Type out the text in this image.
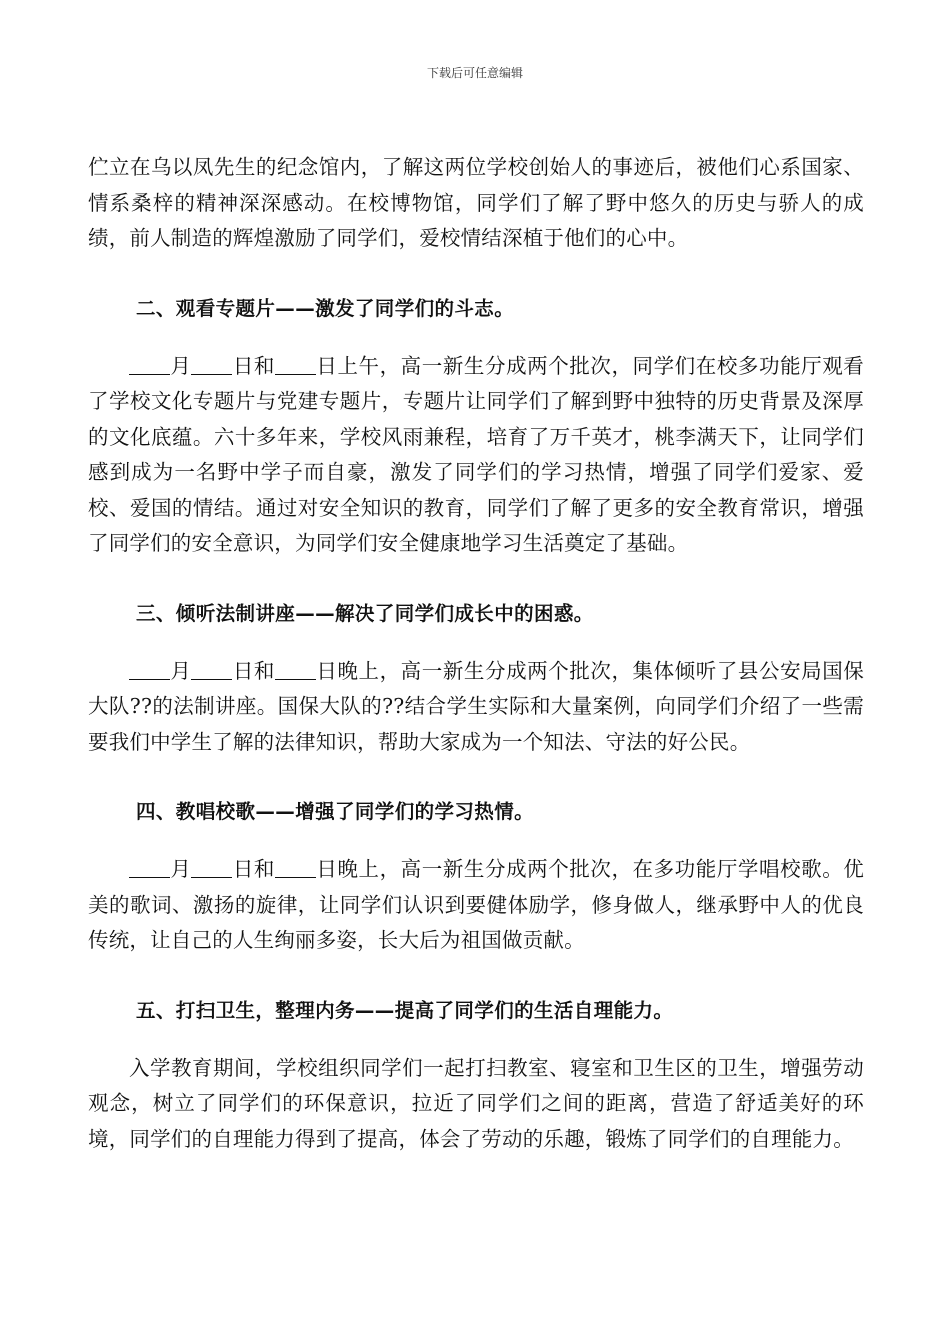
下载后可任意编辑

伫立在乌以凤先生的纪念馆内，了解这两位学校创始人的事迹后，被他们心系国家、情系桑梓的精神深深感动。在校博物馆，同学们了解了野中悠久的历史与骄人的成绩，前人制造的辉煌激励了同学们，爱校情结深植于他们的心中。

二、观看专题片——激发了同学们的斗志。

月 日和 日上午，高一新生分成两个批次，同学们在校多功能厅观看了学校文化专题片与党建专题片，专题片让同学们了解到野中独特的历史背景及深厚的文化底蕴。六十多年来，学校风雨兼程，培育了万千英才，桃李满天下，让同学们感到成为一名野中学子而自豪，激发了同学们的学习热情，增强了同学们爱家、爱校、爱国的情结。通过对安全知识的教育，同学们了解了更多的安全教育常识，增强了同学们的安全意识，为同学们安全健康地学习生活奠定了基础。

三、倾听法制讲座——解决了同学们成长中的困惑。

月 日和 日晚上，高一新生分成两个批次，集体倾听了县公安局国保大队??的法制讲座。国保大队的??结合学生实际和大量案例，向同学们介绍了一些需要我们中学生了解的法律知识，帮助大家成为一个知法、守法的好公民。

四、教唱校歌——增强了同学们的学习热情。

月 日和 日晚上，高一新生分成两个批次，在多功能厅学唱校歌。优美的歌词、激扬的旋律，让同学们认识到要健体励学，修身做人，继承野中人的优良传统，让自己的人生绚丽多姿，长大后为祖国做贡献。

五、打扫卫生，整理内务——提高了同学们的生活自理能力。

入学教育期间，学校组织同学们一起打扫教室、寝室和卫生区的卫生，增强劳动观念，树立了同学们的环保意识，拉近了同学们之间的距离，营造了舒适美好的环境，同学们的自理能力得到了提高，体会了劳动的乐趣，锻炼了同学们的自理能力。
